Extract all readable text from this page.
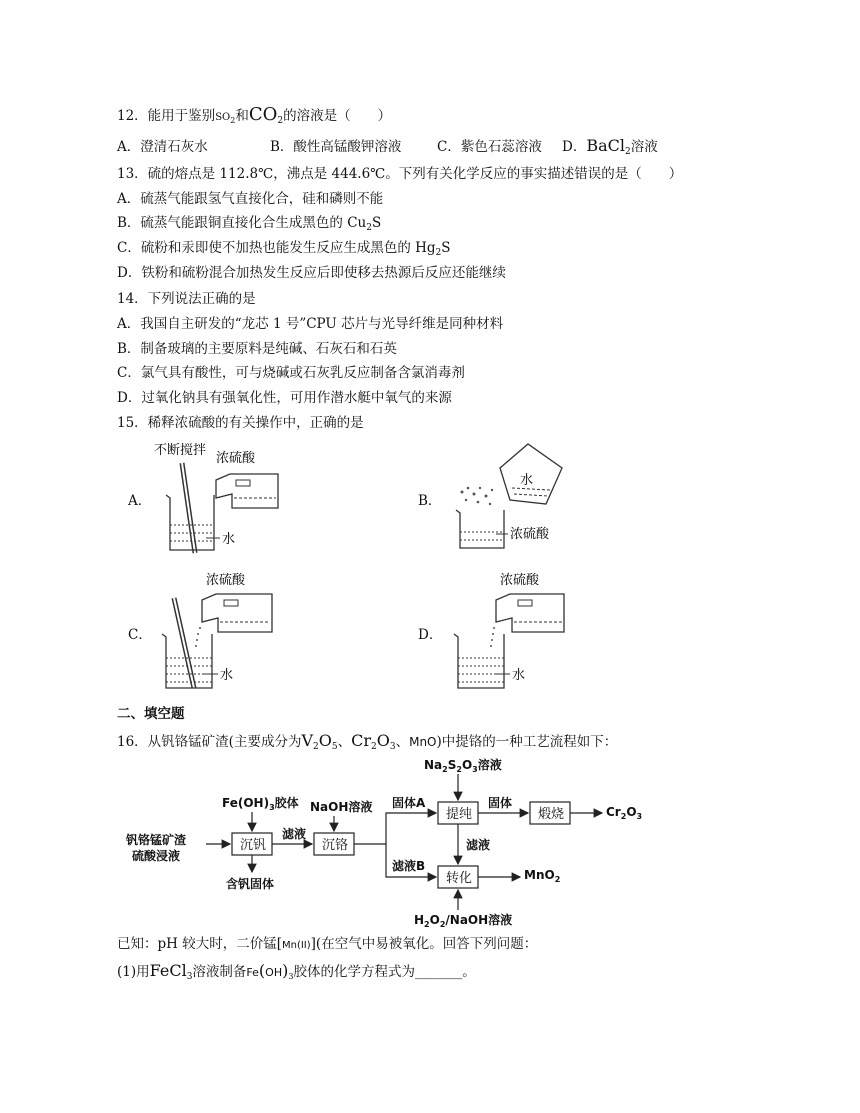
12．能用于鉴别$SO_2$和$CO_2$的溶液是（　　）
A．澄清石灰水	B．酸性高锰酸钾溶液	C．紫色石蕊溶液 D．BaCl2溶液
13．硫的熔点是 112.8℃，沸点是 444.6℃。下列有关化学反应的事实描述错误的是（　　）
A．硫蒸气能跟氢气直接化合，硅和磷则不能
B．硫蒸气能跟铜直接化合生成黑色的 $Cu_2S$
C．硫粉和汞即使不加热也能发生反应生成黑色的 $Hg_2S$
D．铁粉和硫粉混合加热发生反应后即使移去热源后反应还能继续
14．下列说法正确的是
A．我国自主研发的“龙芯 1 号”CPU 芯片与光导纤维是同种材料
B．制备玻璃的主要原料是纯碱、石灰石和石英
C．氯气具有酸性，可与烧碱或石灰乳反应制备含氯消毒剂
D．过氧化钠具有强氧化性，可用作潜水艇中氧气的来源
15．稀释浓硫酸的有关操作中，正确的是
A．	B．
C．	D．
不断搅拌
浓硫酸
水
水
浓硫酸
浓硫酸
水
浓硫酸
水
二、填空题
16．从钒铬锰矿渣(主要成分为$V_2O_5$、$Cr_2O_3$、MnO)中提铬的一种工艺流程如下：
$Na_2S_2O_3$溶液
$Fe(OH)_3$胶体 NaOH溶液 固体A	固体
钒铬锰矿渣
硫酸浸液
滤液
含钒固体
滤液B
滤液
$Cr_2O_3$
MnO$_2$
$H_2O_2$/NaOH溶液
沉钒	沉铬
提纯	煅烧
转化
已知：pH 较大时，二价锰[Mn(II)](在空气中易被氧化。回答下列问题：
(1)用FeCl$_3$溶液制备$Fe(OH)_3$胶体的化学方程式为_______。
